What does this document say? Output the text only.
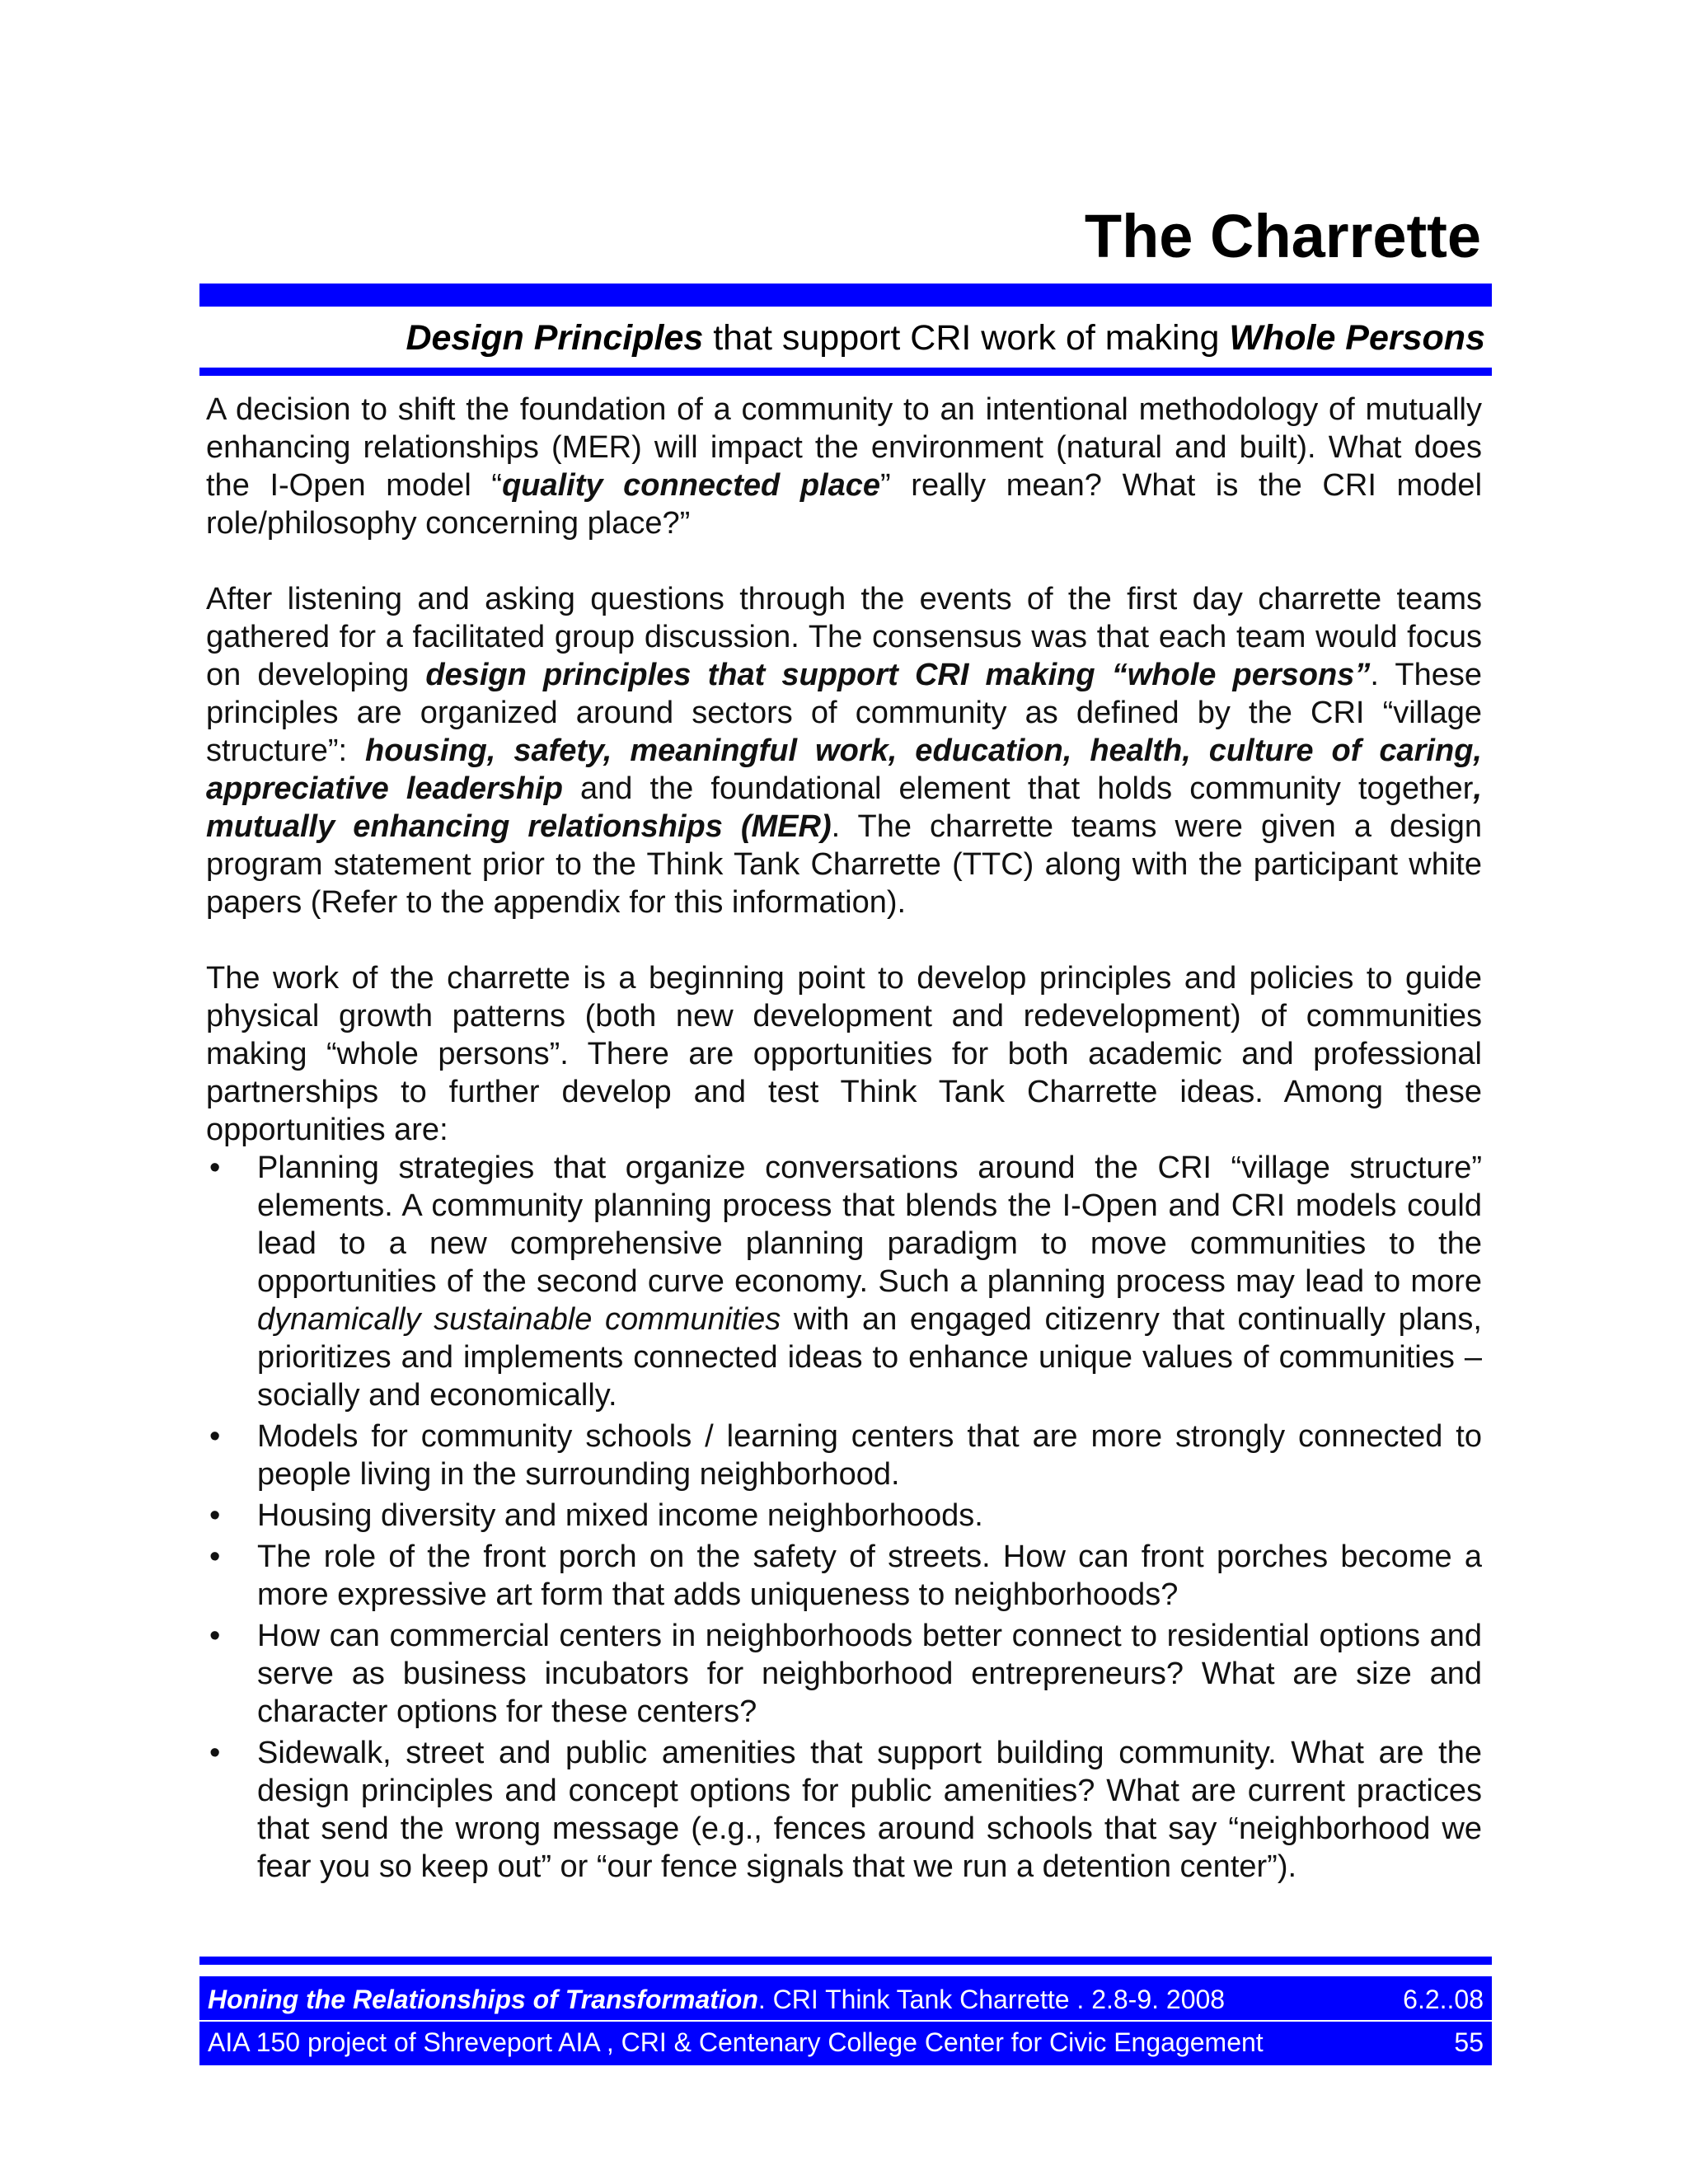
The Charrette
Design Principles that support CRI work of making Whole Persons

A decision to shift the foundation of a community to an intentional methodology of mutually enhancing relationships (MER) will impact the environment (natural and built). What does the I-Open model “quality connected place” really mean? What is the CRI model role/philosophy concerning place?”

After listening and asking questions through the events of the first day charrette teams gathered for a facilitated group discussion. The consensus was that each team would focus on developing design principles that support CRI making “whole persons”. These principles are organized around sectors of community as defined by the CRI “village structure”: housing, safety, meaningful work, education, health, culture of caring, appreciative leadership and the foundational element that holds community together, mutually enhancing relationships (MER). The charrette teams were given a design program statement prior to the Think Tank Charrette (TTC) along with the participant white papers (Refer to the appendix for this information).

The work of the charrette is a beginning point to develop principles and policies to guide physical growth patterns (both new development and redevelopment) of communities making “whole persons”. There are opportunities for both academic and professional partnerships to further develop and test Think Tank Charrette ideas. Among these opportunities are:

•	Planning strategies that organize conversations around the CRI “village structure” elements. A community planning process that blends the I-Open and CRI models could lead to a new comprehensive planning paradigm to move communities to the opportunities of the second curve economy. Such a planning process may lead to more dynamically sustainable communities with an engaged citizenry that continually plans, prioritizes and implements connected ideas to enhance unique values of communities – socially and economically.
•	Models for community schools / learning centers that are more strongly connected to people living in the surrounding neighborhood.
•	Housing diversity and mixed income neighborhoods.
•	The role of the front porch on the safety of streets. How can front porches become a more expressive art form that adds uniqueness to neighborhoods?
•	How can commercial centers in neighborhoods better connect to residential options and serve as business incubators for neighborhood entrepreneurs? What are size and character options for these centers?
•	Sidewalk, street and public amenities that support building community. What are the design principles and concept options for public amenities? What are current practices that send the wrong message (e.g., fences around schools that say “neighborhood we fear you so keep out” or “our fence signals that we run a detention center”).
Honing the Relationships of Transformation. CRI Think Tank Charrette . 2.8-9. 2008	6.2..08
AIA 150 project of Shreveport AIA , CRI & Centenary College Center for Civic Engagement	55
